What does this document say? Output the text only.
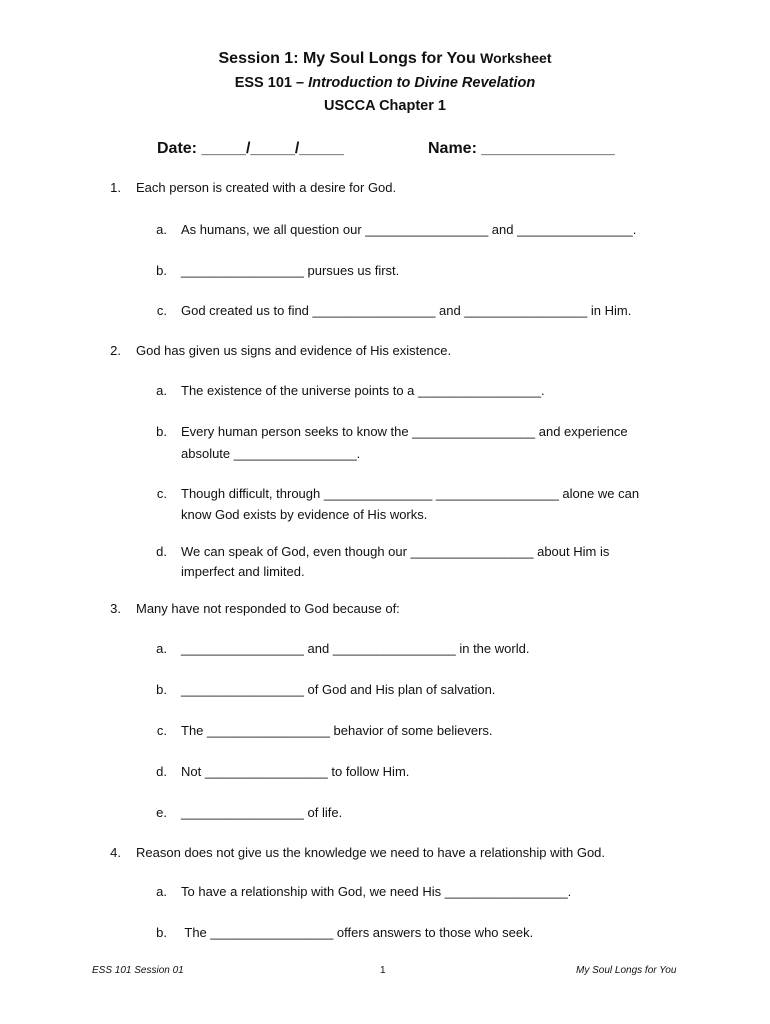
Session 1: My Soul Longs for You Worksheet
ESS 101 – Introduction to Divine Revelation
USCCA Chapter 1
Date: _____/_____/_____	Name: _______________
1. Each person is created with a desire for God.
a. As humans, we all question our _________________ and ________________.
b. _________________ pursues us first.
c. God created us to find _________________ and _________________ in Him.
2. God has given us signs and evidence of His existence.
a. The existence of the universe points to a _________________.
b. Every human person seeks to know the _________________ and experience
absolute _________________.
c. Though difficult, through _______________ _________________ alone we can
know God exists by evidence of His works.
d. We can speak of God, even though our _________________ about Him is
imperfect and limited.
3. Many have not responded to God because of:
a. _________________ and _________________ in the world.
b. _________________ of God and His plan of salvation.
c. The _________________ behavior of some believers.
d. Not _________________ to follow Him.
e. _________________ of life.
4. Reason does not give us the knowledge we need to have a relationship with God.
a. To have a relationship with God, we need His _________________.
b. The _________________ offers answers to those who seek.
ESS 101 Session 01	1	My Soul Longs for You
